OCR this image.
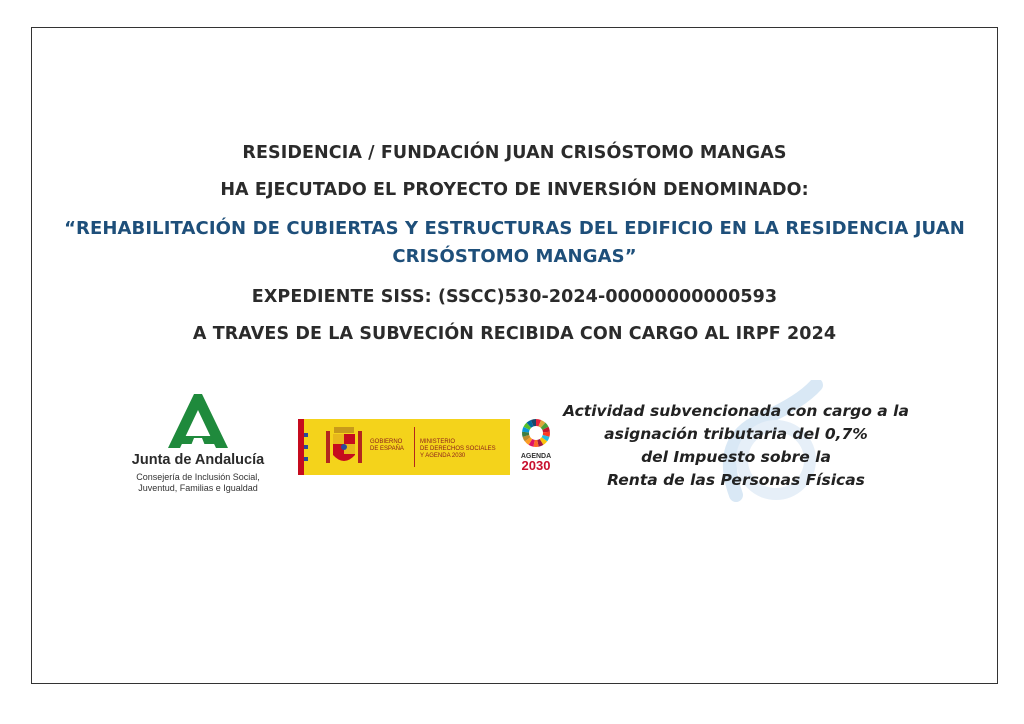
RESIDENCIA / FUNDACIÓN JUAN CRISÓSTOMO MANGAS
HA EJECUTADO EL PROYECTO DE INVERSIÓN DENOMINADO:
“REHABILITACIÓN DE CUBIERTAS Y ESTRUCTURAS DEL EDIFICIO EN LA RESIDENCIA JUAN
CRISÓSTOMO MANGAS”
EXPEDIENTE SISS: (SSCC)530-2024-00000000000593
A TRAVES DE LA SUBVECIÓN RECIBIDA CON CARGO AL IRPF 2024
Junta de Andalucía
Consejería de Inclusión Social,
Juventud, Familias e Igualdad
GOBIERNO
DE ESPAÑA
MINISTERIO
DE DERECHOS SOCIALES
Y AGENDA 2030	AGENDA
2030
Actividad subvencionada con cargo a la
asignación tributaria del 0,7%
del Impuesto sobre la
Renta de las Personas Físicas
